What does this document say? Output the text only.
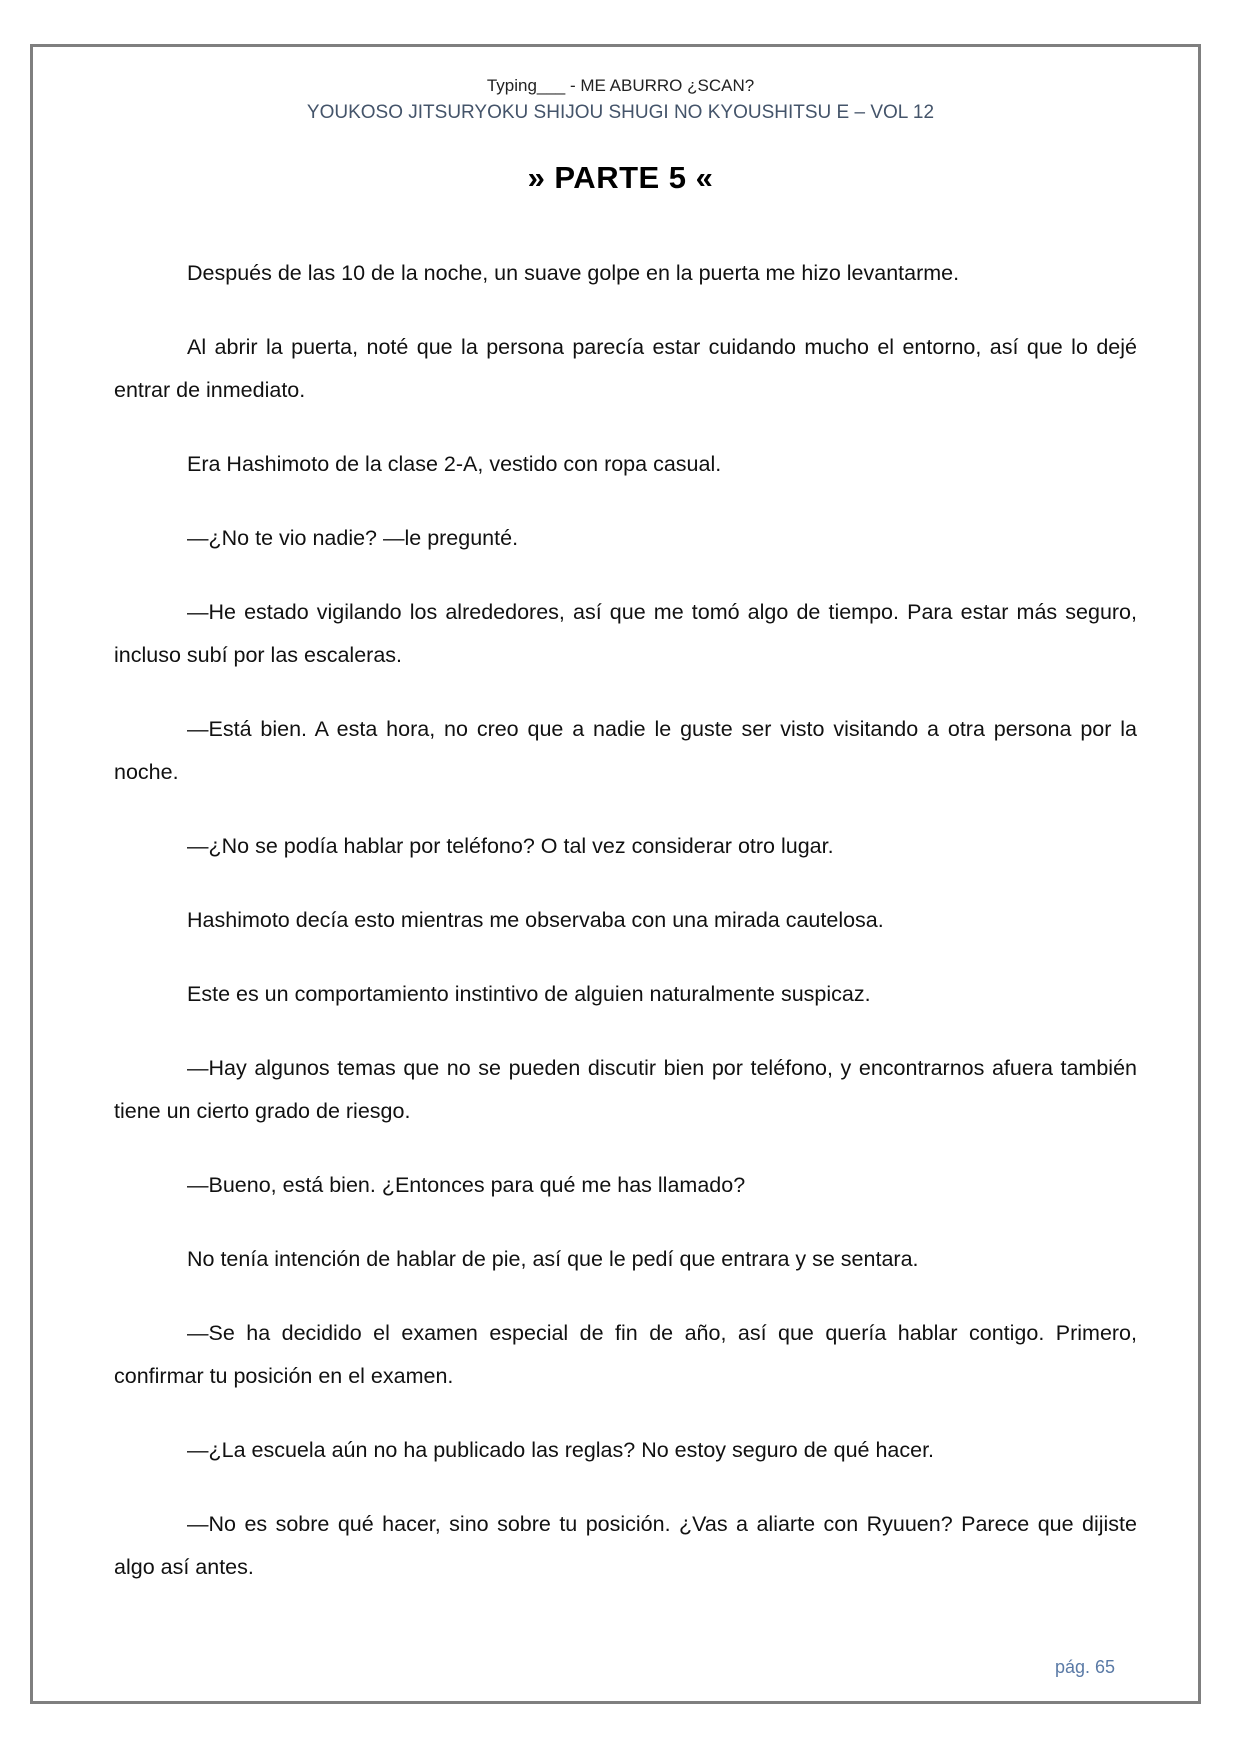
Typing___ - ME ABURRO ¿SCAN?
YOUKOSO JITSURYOKU SHIJOU SHUGI NO KYOUSHITSU E – VOL 12
» PARTE 5 «

Después de las 10 de la noche, un suave golpe en la puerta me hizo levantarme.

Al abrir la puerta, noté que la persona parecía estar cuidando mucho el entorno, así que lo dejé entrar de inmediato.

Era Hashimoto de la clase 2-A, vestido con ropa casual.

—¿No te vio nadie? —le pregunté.

—He estado vigilando los alrededores, así que me tomó algo de tiempo. Para estar más seguro, incluso subí por las escaleras.

—Está bien. A esta hora, no creo que a nadie le guste ser visto visitando a otra persona por la noche.

—¿No se podía hablar por teléfono? O tal vez considerar otro lugar.

Hashimoto decía esto mientras me observaba con una mirada cautelosa.

Este es un comportamiento instintivo de alguien naturalmente suspicaz.

—Hay algunos temas que no se pueden discutir bien por teléfono, y encontrarnos afuera también tiene un cierto grado de riesgo.

—Bueno, está bien. ¿Entonces para qué me has llamado?

No tenía intención de hablar de pie, así que le pedí que entrara y se sentara.

—Se ha decidido el examen especial de fin de año, así que quería hablar contigo. Primero, confirmar tu posición en el examen.

—¿La escuela aún no ha publicado las reglas? No estoy seguro de qué hacer.

—No es sobre qué hacer, sino sobre tu posición. ¿Vas a aliarte con Ryuuen? Parece que dijiste algo así antes.

pág. 65
